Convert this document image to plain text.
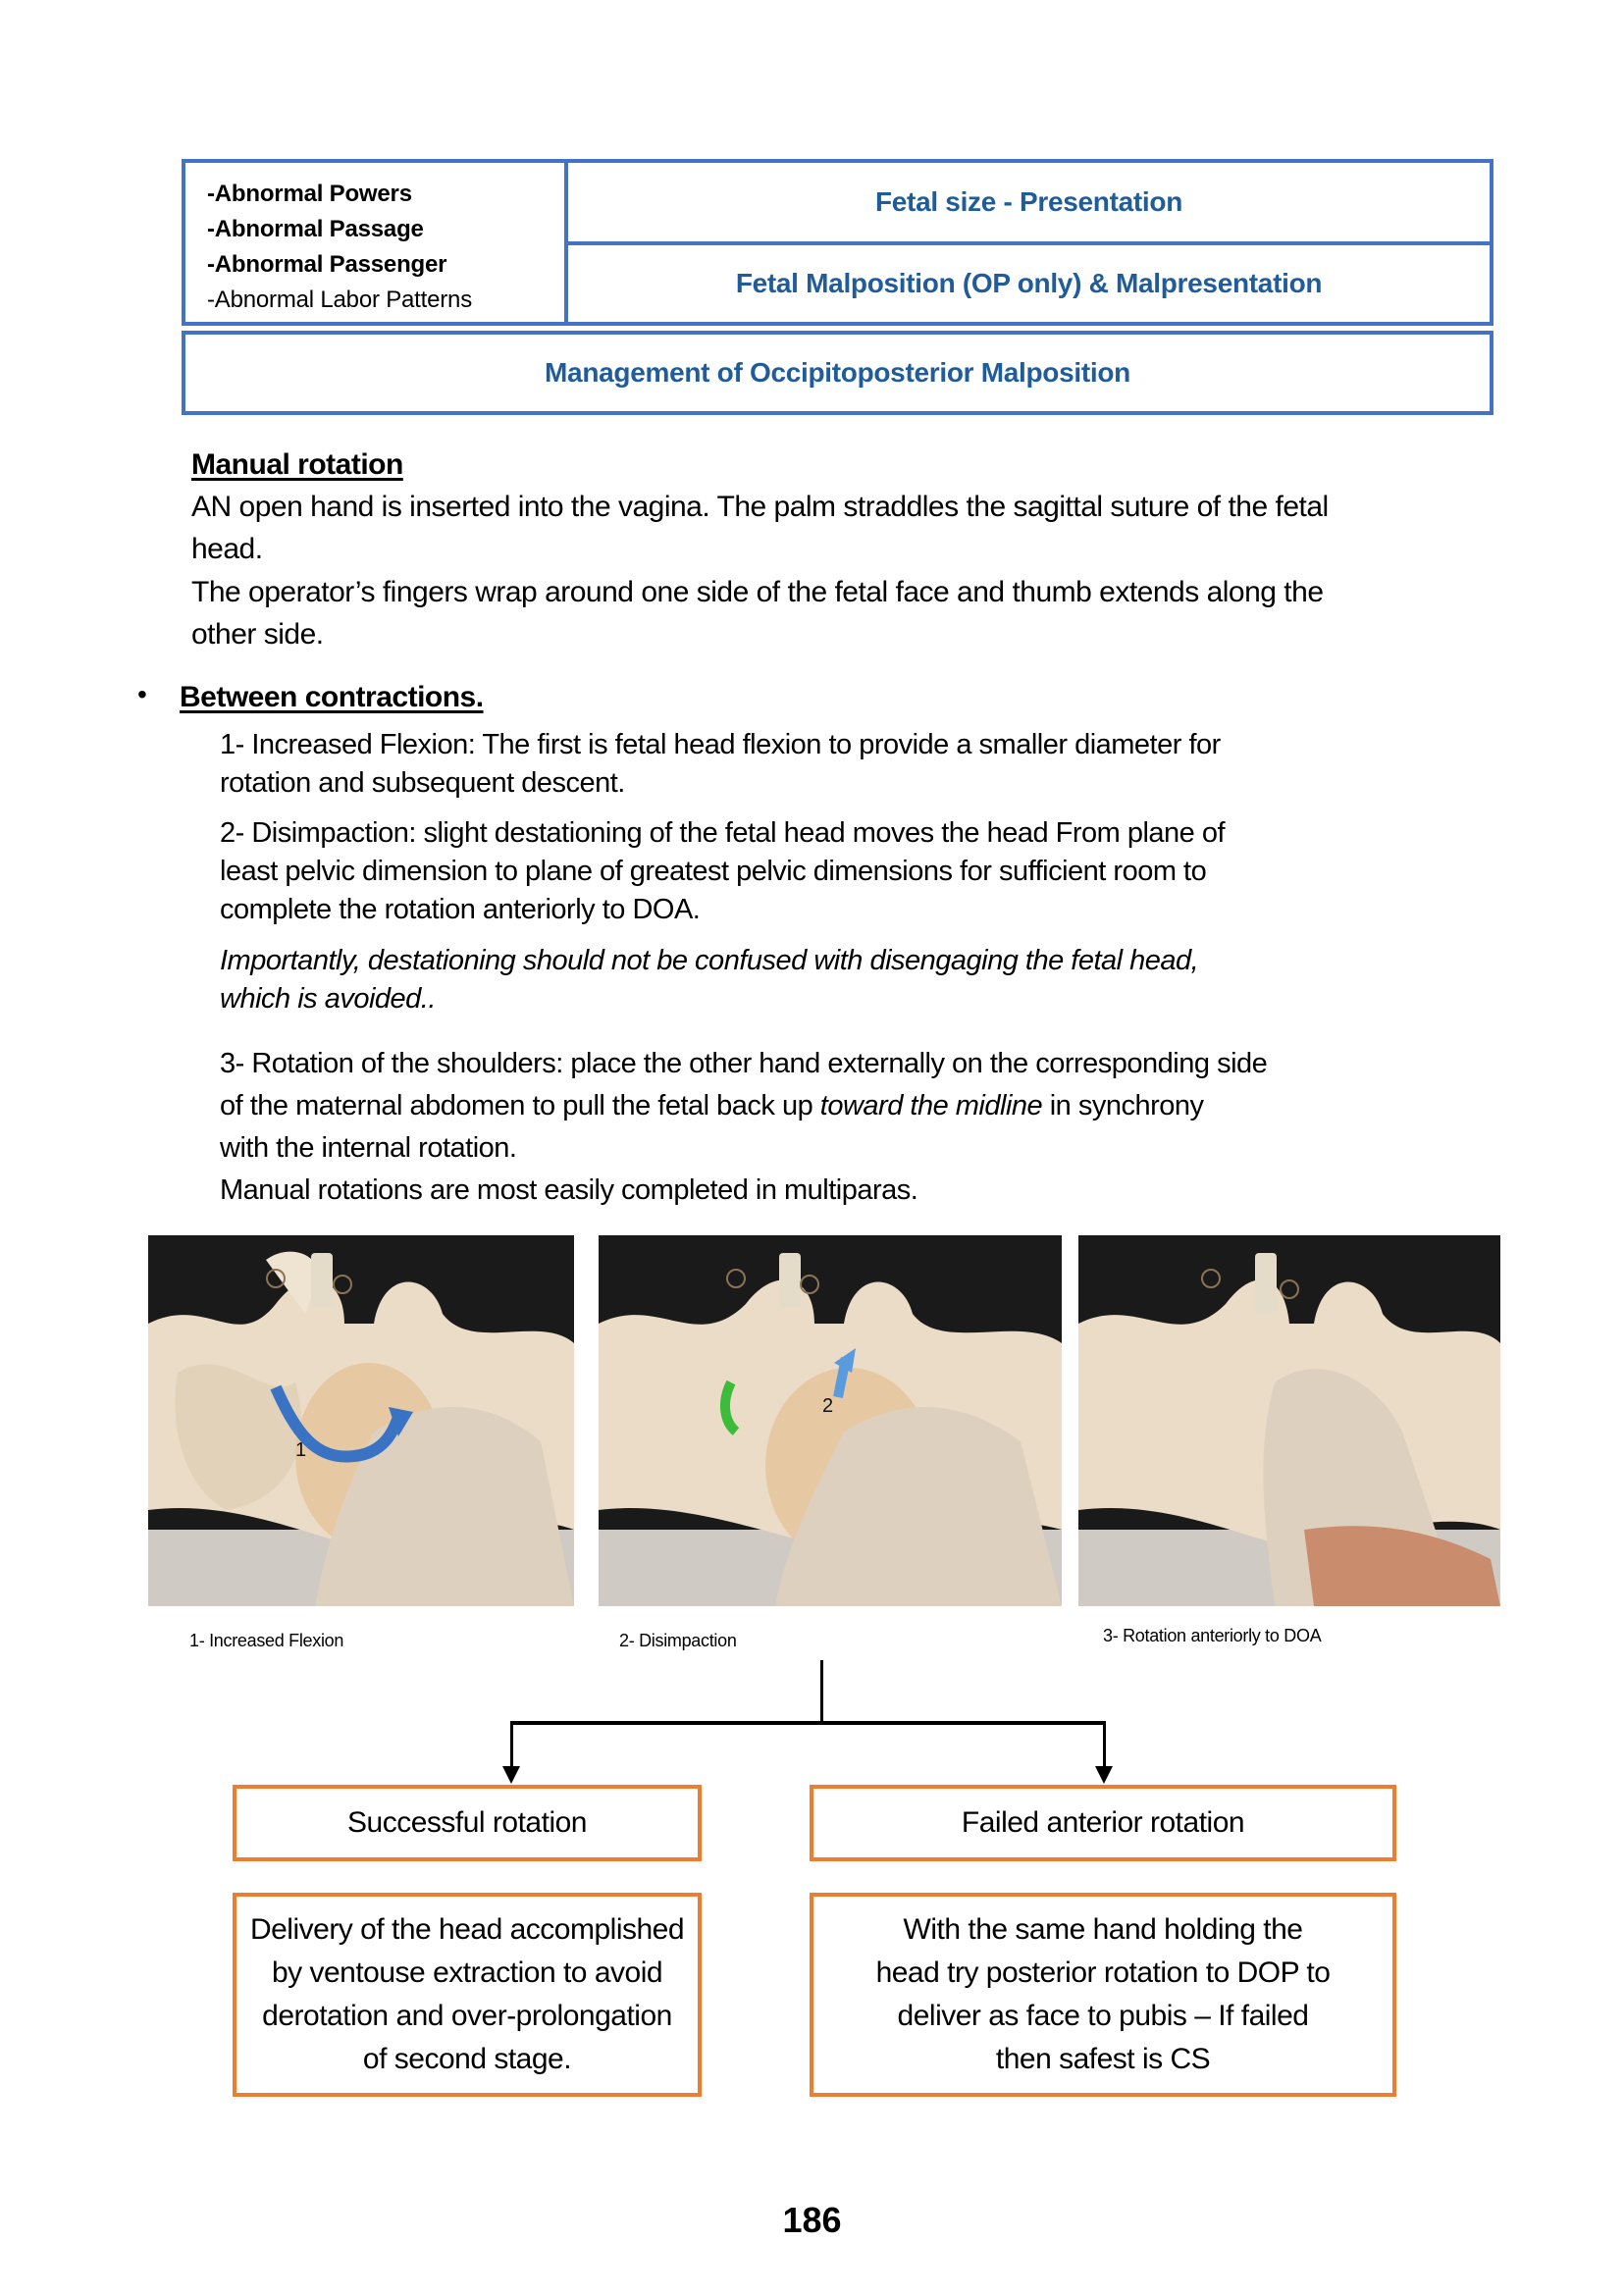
-Abnormal Powers
-Abnormal Passage
-Abnormal Passenger
-Abnormal Labor Patterns
Fetal size - Presentation
Fetal Malposition (OP only) & Malpresentation
Management of Occipitoposterior Malposition
Manual rotation
AN open hand is inserted into the vagina. The palm straddles the sagittal suture of the fetal
head.
The operator’s fingers wrap around one side of the fetal face and thumb extends along the
other side.
• Between contractions.
1- Increased Flexion: The first is fetal head flexion to provide a smaller diameter for
rotation and subsequent descent.
2- Disimpaction: slight destationing of the fetal head moves the head From plane of
least pelvic dimension to plane of greatest pelvic dimensions for sufficient room to
complete the rotation anteriorly to DOA.
Importantly, destationing should not be confused with disengaging the fetal head,
which is avoided..
3- Rotation of the shoulders: place the other hand externally on the corresponding side
of the maternal abdomen to pull the fetal back up toward the midline in synchrony
with the internal rotation.
Manual rotations are most easily completed in multiparas.
1
2
1- Increased Flexion	2- Disimpaction	3- Rotation anteriorly to DOA
Successful rotation	Failed anterior rotation
Delivery of the head accomplished
by ventouse extraction to avoid
derotation and over-prolongation
of second stage.
With the same hand holding the
head try posterior rotation to DOP to
deliver as face to pubis – If failed
then safest is CS
186
